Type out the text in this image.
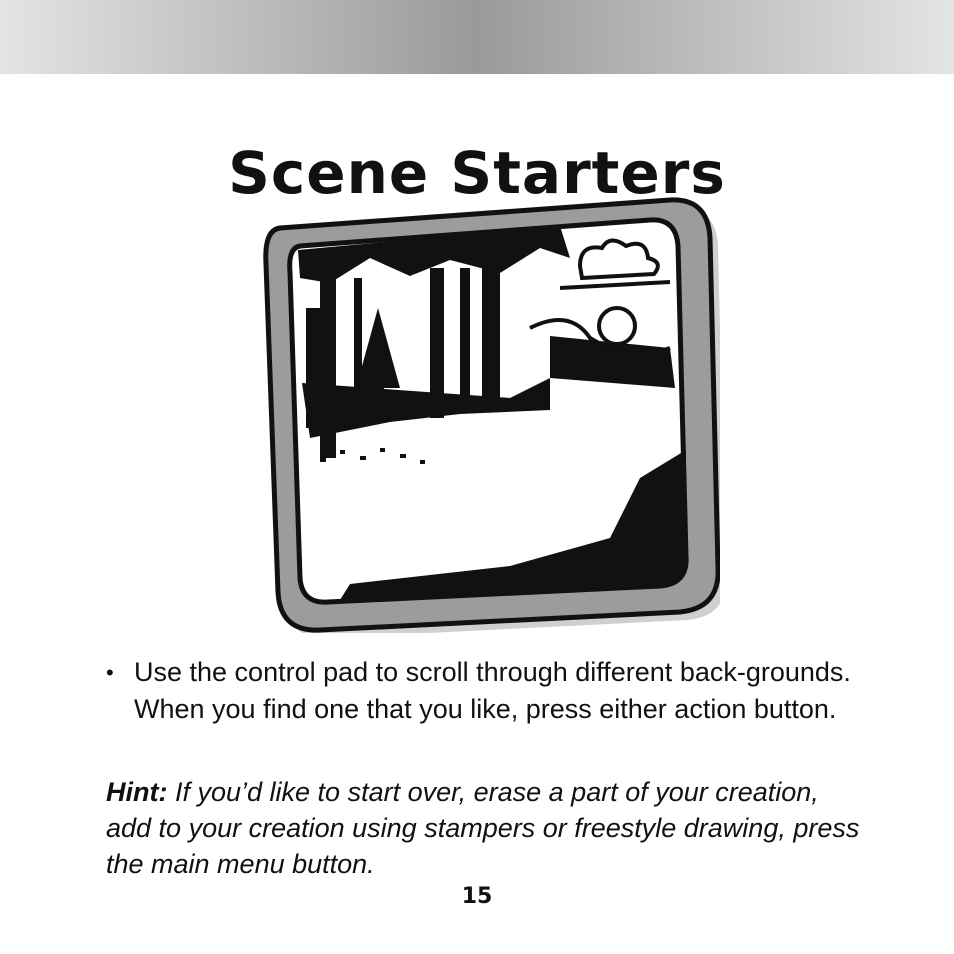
Scene Starters
• Use the control pad to scroll through different back-grounds. When you find one that you like, press either action button.

Hint: If you’d like to start over, erase a part of your creation, add to your creation using stampers or freestyle drawing, press the main menu button.

15
